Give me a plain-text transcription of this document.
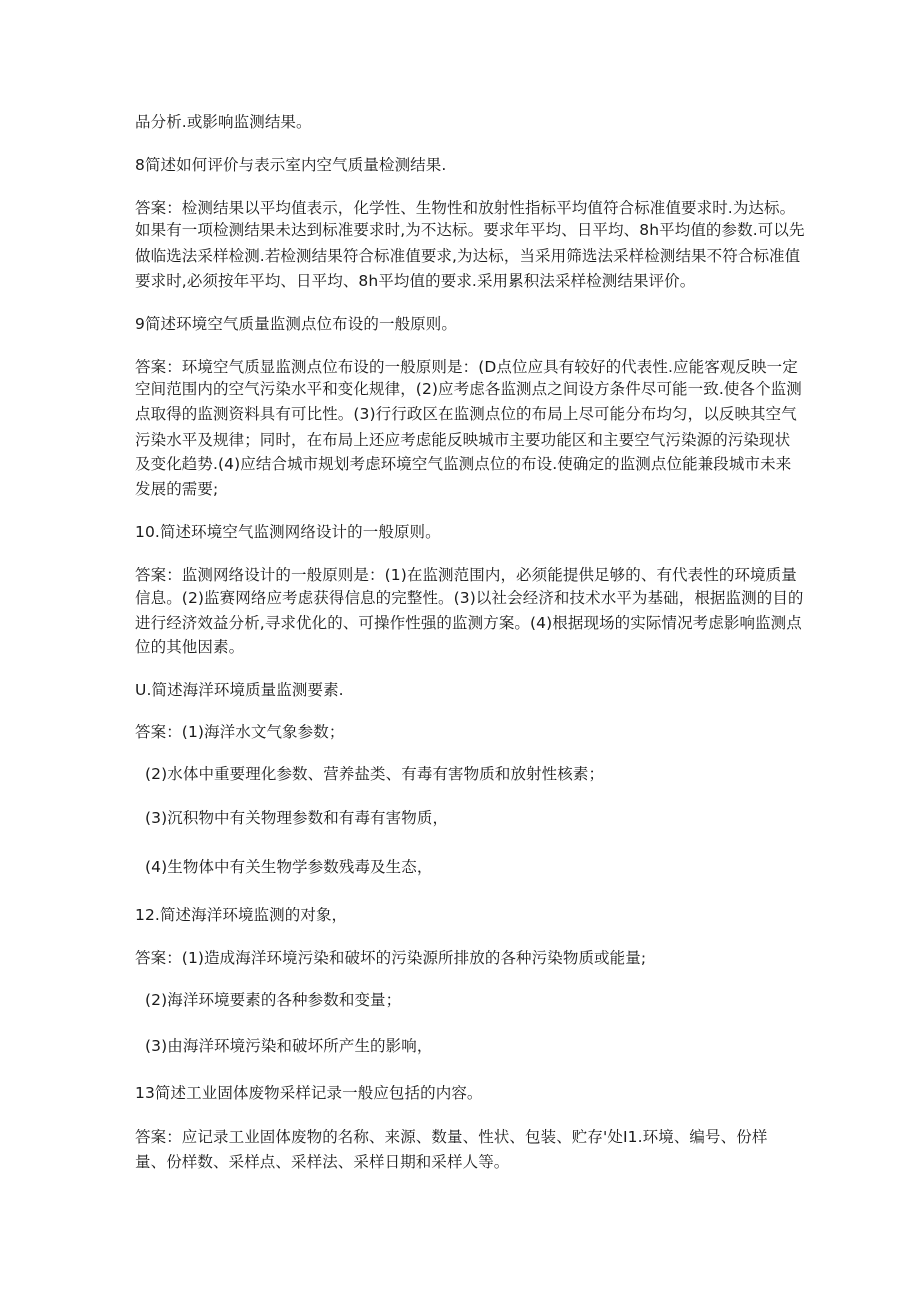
品分析.或影响监测结果。
8简述如何评价与表示室内空气质量检测结果.
答案：检测结果以平均值表示，化学性、生物性和放射性指标平均值符合标准值要求时.为达标。
如果有一项检测结果未达到标准要求时,为不达标。要求年平均、日平均、8h平均值的参数.可以先
做临选法采样检测.若检测结果符合标准值要求,为达标，当采用筛选法采样检测结果不符合标准值
要求时,必须按年平均、日平均、8h平均值的要求.采用累积法采样检测结果评价。
9简述环境空气质量监测点位布设的一般原则。
答案：环境空气质显监测点位布设的一般原则是：(D点位应具有较好的代表性.应能客观反映一定
空间范围内的空气污染水平和变化规律，(2)应考虑各监测点之间设方条件尽可能一致.使各个监测
点取得的监测资料具有可比性。(3)行行政区在监测点位的布局上尽可能分布均匀，以反映其空气
污染水平及规律；同时，在布局上还应考虑能反映城市主要功能区和主要空气污染源的污染现状
及变化趋势.(4)应结合城市规划考虑环境空气监测点位的布设.使确定的监测点位能兼段城市未来
发展的需要;
10.简述环境空气监测网络设计的一般原则。
答案：监测网络设计的一般原则是：(1)在监测范围内，必须能提供足够的、有代表性的环境质量
信息。(2)监赛网络应考虑获得信息的完整性。(3)以社会经济和技术水平为基础，根据监测的目的
进行经济效益分析,寻求优化的、可操作性强的监测方案。(4)根据现场的实际情况考虑影响监测点
位的其他因素。
U.简述海洋环境质量监测要素.
答案：(1)海洋水文气象参数；
(2)水体中重要理化参数、营养盐类、有毒有害物质和放射性核素；
(3)沉积物中有关物理参数和有毒有害物质，
(4)生物体中有关生物学参数残毒及生态，
12.简述海洋环境监测的对象，
答案：(1)造成海洋环境污染和破坏的污染源所排放的各种污染物质或能量;
(2)海洋环境要素的各种参数和变量；
(3)由海洋环境污染和破坏所产生的影响，
13简述工业固体废物采样记录一般应包括的内容。
答案：应记录工业固体废物的名称、来源、数量、性状、包装、贮存'处I1.环境、编号、份样
量、份样数、采样点、采样法、采样日期和采样人等。
